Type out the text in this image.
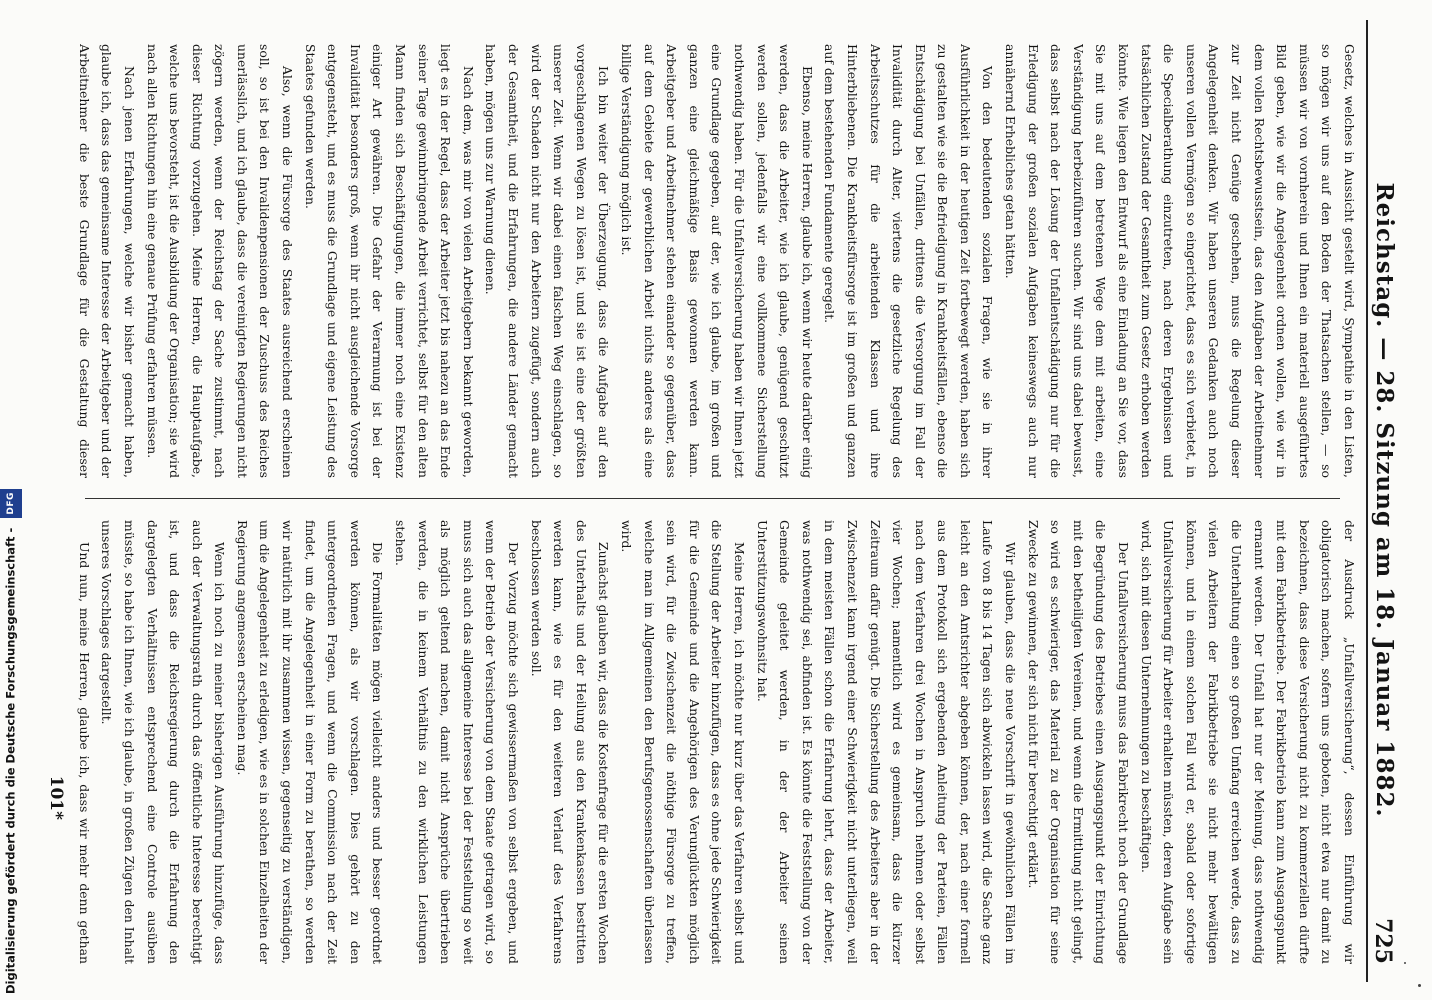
Digitalisierung gefördert durch die Deutsche Forschungsgemeinschaft - DFG	Reichstag. — 28. Sitzung am 18. Januar 1882.
725

Gesetz, welches in Aussicht gestellt wird, Sympathie in den Listen, so mögen wir uns auf den Boden der Thatsachen stellen, — so müssen wir von vornherein und Ihnen ein materiell ausgeführtes Bild geben, wie wir die Angelegenheit ordnen wollen, wie wir in dem vollen Rechtsbewusstsein, das den Aufgaben der Arbeitnehmer zur Zeit nicht Genüge geschehen, muss die Regelung dieser Angelegenheit denken. Wir haben unseren Gedanken auch noch unseren vollen Vermögen so eingerichtet, dass es sich verbietet, in die Specialberathung einzutreten, nach deren Ergebnissen und tatsächlichen Zustand der Gesamtheit zum Gesetz erhoben werden könnte. Wie liegen den Entwurf als eine Einladung an Sie vor, dass Sie mit uns auf dem betretenen Wege dem mit arbeiten, eine Verständigung herbeizuführen suchen. Wir sind uns dabei bewusst, dass selbst nach der Lösung der Unfallentschädigung nur für die Erledigung der großen sozialen Aufgaben keineswegs auch nur annähernd Erhebliches getan hätten.

Von den bedeutenden sozialen Fragen, wie sie in ihrer Ausführlichkeit in der heutigen Zeit fortbewegt werden, haben sich zu gestalten wie sie die Befriedigung in Krankheitsfällen, ebenso die Entschädigung bei Unfällen, drittens die Versorgung im Fall der Invalidität durch Alter, viertens die gesetzliche Regelung des Arbeitsschutzes für die arbeitenden Klassen und ihre Hinterbliebenen. Die Krankheitsfürsorge ist im großen und ganzen auf dem bestehenden Fundamente geregelt.

Ebenso, meine Herren, glaube ich, wenn wir heute darüber einig werden, dass die Arbeiter, wie ich glaube, genügend geschützt werden sollen, jedenfalls wir eine vollkommene Sicherstellung nothwendig haben. Für die Unfallversicherung haben wir Ihnen jetzt eine Grundlage gegeben, auf der, wie ich glaube, im großen und ganzen eine gleichmäßige Basis gewonnen werden kann. Arbeitgeber und Arbeitnehmer stehen einander so gegenüber, dass auf dem Gebiete der gewerblichen Arbeit nichts anderes als eine billige Verständigung möglich ist.

Ich bin weiter der Überzeugung, dass die Aufgabe auf den vorgeschlagenen Wegen zu lösen ist, und sie ist eine der größten unserer Zeit. Wenn wir dabei einen falschen Weg einschlagen, so wird der Schaden nicht nur den Arbeitern zugefügt, sondern auch der Gesamtheit, und die Erfahrungen, die andere Länder gemacht haben, mögen uns zur Warnung dienen.

Nach dem, was mir von vielen Arbeitgebern bekannt geworden, liegt es in der Regel, dass der Arbeiter jetzt bis nahezu an das Ende seiner Tage gewinnbringende Arbeit verrichtet, selbst für den alten Mann finden sich Beschäftigungen, die immer noch eine Existenz einiger Art gewähren. Die Gefahr der Verarmung ist bei der Invalidität besonders groß, wenn ihr nicht ausgleichende Vorsorge entgegensteht, und es muss die Grundlage und eigene Leistung des Staates gefunden werden.

Also, wenn die Fürsorge des Staates ausreichend erscheinen soll, so ist bei den Invalidenpensionen der Zuschuss des Reiches unerlässlich, und ich glaube, dass die vereinigten Regierungen nicht zögern werden, wenn der Reichstag der Sache zustimmt, nach dieser Richtung vorzugehen. Meine Herren, die Hauptaufgabe, welche uns bevorsteht, ist die Ausbildung der Organisation; sie wird nach allen Richtungen hin eine genaue Prüfung erfahren müssen.

Nach jenen Erfahrungen, welche wir bisher gemacht haben, glaube ich, dass das gemeinsame Interesse der Arbeitgeber und der Arbeitnehmer die beste Grundlage für die Gestaltung dieser

der Ausdruck „Unfallversicherung“, dessen Einführung wir obligatorisch machen, sofern uns geboten, nicht etwa nur damit zu bezeichnen, dass diese Versicherung nicht zu kommerziellen dürfte mit dem Fabrikbetriebe. Der Fabrikbetrieb kann zum Ausgangspunkt ernannt werden. Der Unfall hat nur der Meinung, dass nothwendig die Unterhaltung einen so großen Umfang erreichen werde, dass zu vielen Arbeitern der Fabrikbetriebe sie nicht mehr bewältigen können, und in einem solchen Fall wird er, sobald oder sofortige Unfallversicherung für Arbeiter erhalten müssten, deren Aufgabe sein wird, sich mit diesen Unternehmungen zu beschäftigen.

Der Unfallversicherung muss das Fabrikrecht noch der Grundlage die Begründung des Betriebes einen Ausgangspunkt der Einrichtung mit den betheiligten Vereinen, und wenn die Ermittlung nicht gelingt, so wird es schwieriger, das Material zu der Organisation für seine Zwecke zu gewinnen, der sich nicht für berechtigt erklärt.

Wir glauben, dass die neue Vorschrift in gewöhnlichen Fällen im Laufe von 8 bis 14 Tagen sich abwickeln lassen wird, die Sache ganz leicht an den Amtsrichter abgeben können, der, nach einer formell aus dem Protokoll sich ergebenden Anleitung der Parteien, Fällen nach dem Verfahren drei Wochen in Anspruch nehmen oder selbst vier Wochen; namentlich wird es gemeinsam, dass die kürzer Zeitraum dafür genügt. Die Sicherstellung des Arbeiters aber in der Zwischenzeit kann irgend einer Schwierigkeit nicht unterliegen, weil in dem meisten Fällen schon die Erfahrung lehrt, dass der Arbeiter, was nothwendig sei, abfinden ist. Es könnte die Feststellung von der Gemeinde geleitet werden, in der der Arbeiter seinen Unterstützungswohnsitz hat.

Meine Herren, ich möchte nur kurz über das Verfahren selbst und die Stellung der Arbeiter hinzufügen, dass es ohne jede Schwierigkeit für die Gemeinde und die Angehörigen des Verunglückten möglich sein wird, für die Zwischenzeit die nöthige Fürsorge zu treffen, welche man im Allgemeinen den Berufsgenossenschaften überlassen wird.

Zunächst glauben wir, dass die Kostenfrage für die ersten Wochen des Unterhalts und der Heilung aus den Krankenkassen bestritten werden kann, wie es für den weiteren Verlauf des Verfahrens beschlossen werden soll.

Der Vorzug möchte sich gewissermaßen von selbst ergeben, und wenn der Betrieb der Versicherung von dem Staate getragen wird, so muss sich auch das allgemeine Interesse bei der Feststellung so weit als möglich geltend machen, damit nicht Ansprüche übertrieben werden, die in keinem Verhältnis zu den wirklichen Leistungen stehen.

Die Formalitäten mögen vielleicht anders und besser geordnet werden können, als wir vorschlagen. Dies gehört zu den untergeordneten Fragen, und wenn die Commission nach der Zeit findet, um die Angelegenheit in einer Form zu berathen, so werden wir natürlich mit ihr zusammen wissen, gegenseitig zu verständigen, um die Angelegenheit zu erledigen, wie es in solchen Einzelheiten der Regierung angemessen erscheinen mag.

Wenn ich noch zu meiner bisherigen Ausführung hinzufüge, dass auch der Verwaltungsrath durch das öffentliche Interesse berechtigt ist, und dass die Reichsregierung durch die Erfahrung den dargelegten Verhältnissen entsprechend eine Controle ausüben müsste, so habe ich Ihnen, wie ich glaube, in großen Zügen den Inhalt unseres Vorschlages dargestellt.

Und nun, meine Herren, glaube ich, dass wir mehr denn gethan

101*
